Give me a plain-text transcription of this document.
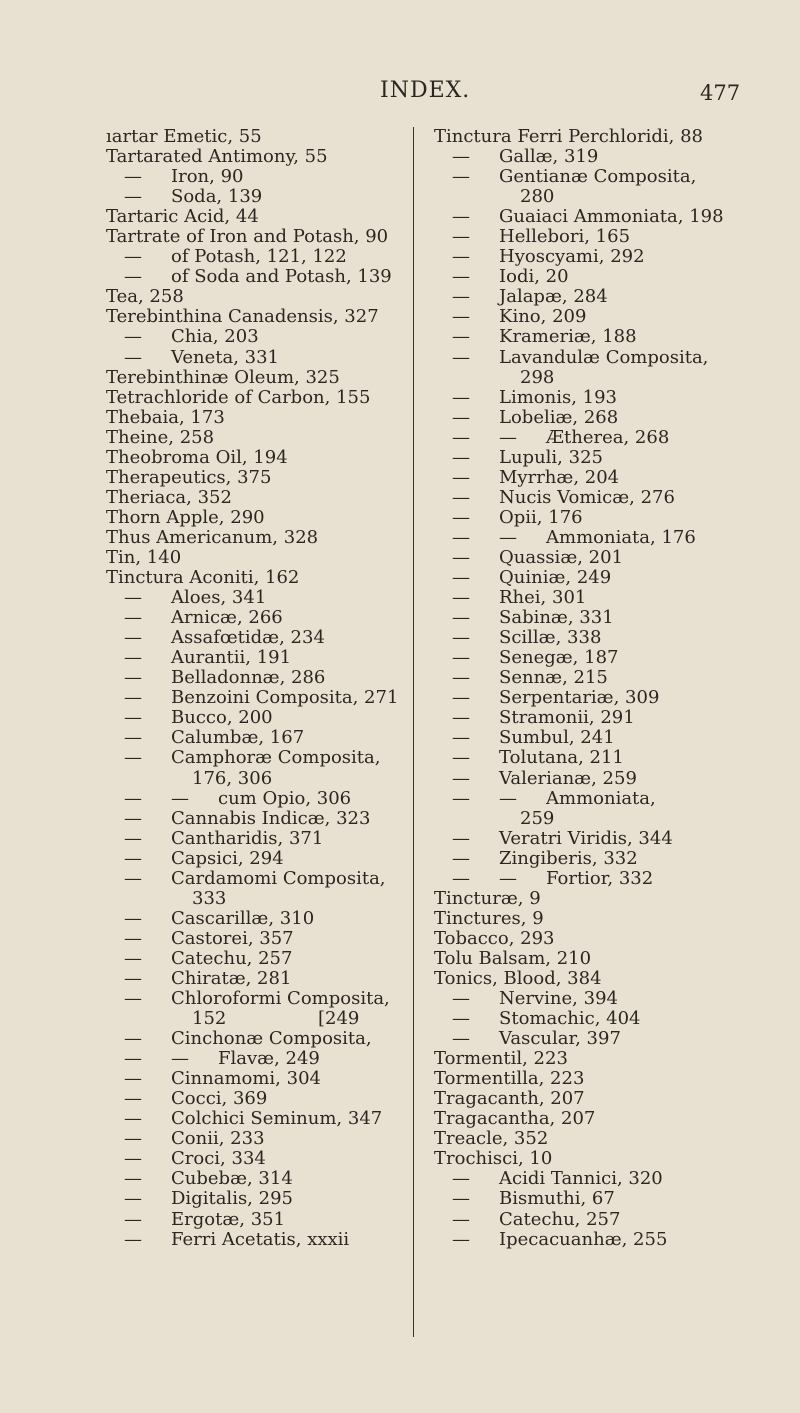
INDEX.	477
ıartar Emetic, 55
Tartarated Antimony, 55
— Iron, 90
— Soda, 139
Tartaric Acid, 44
Tartrate of Iron and Potash, 90
— of Potash, 121, 122
— of Soda and Potash, 139
Tea, 258
Terebinthina Canadensis, 327
— Chia, 203
— Veneta, 331
Terebinthinæ Oleum, 325
Tetrachloride of Carbon, 155
Thebaia, 173
Theine, 258
Theobroma Oil, 194
Therapeutics, 375
Theriaca, 352
Thorn Apple, 290
Thus Americanum, 328
Tin, 140
Tinctura Aconiti, 162
— Aloes, 341
— Arnicæ, 266
— Assafœtidæ, 234
— Aurantii, 191
— Belladonnæ, 286
— Benzoini Composita, 271
— Bucco, 200
— Calumbæ, 167
— Camphoræ Composita,
176, 306
— — cum Opio, 306
— Cannabis Indicæ, 323
— Cantharidis, 371
— Capsici, 294
— Cardamomi Composita,
333
— Cascarillæ, 310
— Castorei, 357
— Catechu, 257
— Chiratæ, 281
— Chloroformi Composita,
152	[249
— Cinchonæ Composita,
— — Flavæ, 249
— Cinnamomi, 304
— Cocci, 369
— Colchici Seminum, 347
— Conii, 233
— Croci, 334
— Cubebæ, 314
— Digitalis, 295
— Ergotæ, 351
— Ferri Acetatis, xxxii
Tinctura Ferri Perchloridi, 88
— Gallæ, 319
— Gentianæ Composita,
280
— Guaiaci Ammoniata, 198
— Hellebori, 165
— Hyoscyami, 292
— Iodi, 20
— Jalapæ, 284
— Kino, 209
— Krameriæ, 188
— Lavandulæ Composita,
298
— Limonis, 193
— Lobeliæ, 268
— — Ætherea, 268
— Lupuli, 325
— Myrrhæ, 204
— Nucis Vomicæ, 276
— Opii, 176
— — Ammoniata, 176
— Quassiæ, 201
— Quiniæ, 249
— Rhei, 301
— Sabinæ, 331
— Scillæ, 338
— Senegæ, 187
— Sennæ, 215
— Serpentariæ, 309
— Stramonii, 291
— Sumbul, 241
— Tolutana, 211
— Valerianæ, 259
— — Ammoniata,
259
— Veratri Viridis, 344
— Zingiberis, 332
— — Fortior, 332
Tincturæ, 9
Tinctures, 9
Tobacco, 293
Tolu Balsam, 210
Tonics, Blood, 384
— Nervine, 394
— Stomachic, 404
— Vascular, 397
Tormentil, 223
Tormentilla, 223
Tragacanth, 207
Tragacantha, 207
Treacle, 352
Trochisci, 10
— Acidi Tannici, 320
— Bismuthi, 67
— Catechu, 257
— Ipecacuanhæ, 255
